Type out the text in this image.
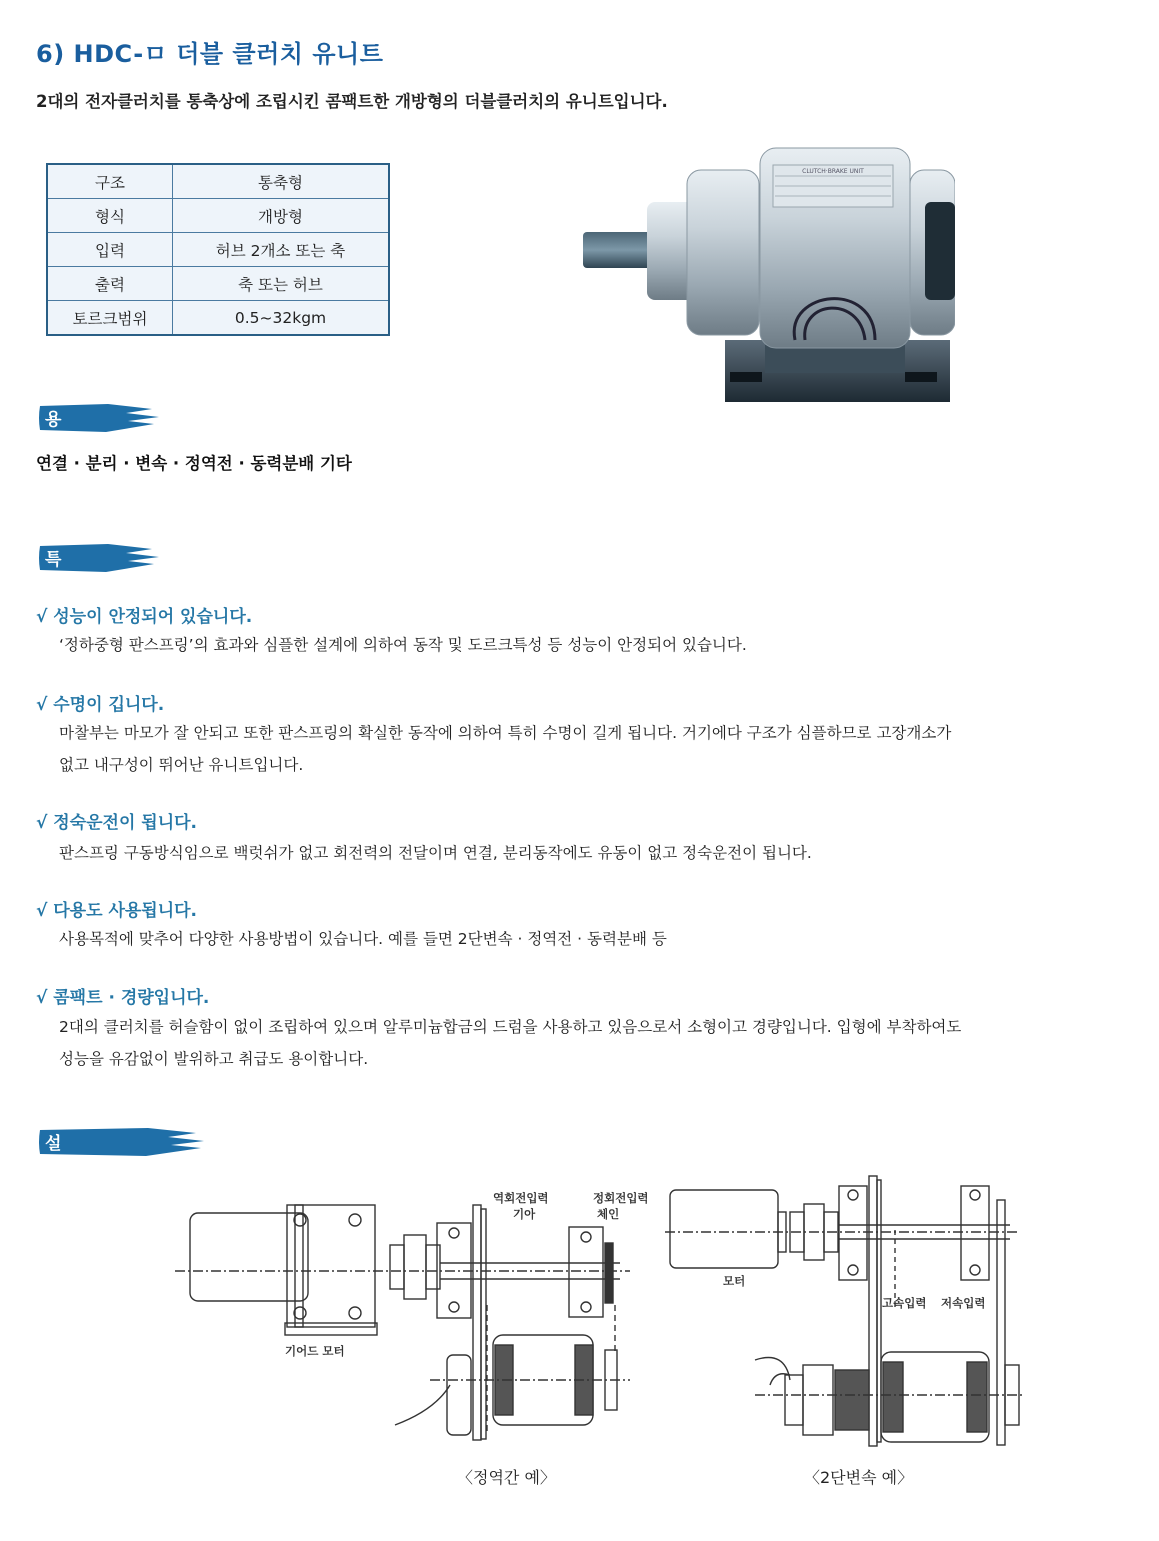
6) HDC-ㅁ 더블 클러치 유니트
2대의 전자클러치를 통축상에 조립시킨 콤팩트한 개방형의 더블클러치의 유니트입니다.
구조	통축형
형식	개방형
입력	허브 2개소 또는 축
출력	축 또는 허브
토르크범위	0.5~32kgm
CLUTCH·BRAKE UNIT
용 도
연결 · 분리 · 변속 · 정역전 · 동력분배 기타
특 징
√ 성능이 안정되어 있습니다.
‘정하중형 판스프링’의 효과와 심플한 설계에 의하여 동작 및 도르크특성 등 성능이 안정되어 있습니다.
√ 수명이 깁니다.
마찰부는 마모가 잘 안되고 또한 판스프링의 확실한 동작에 의하여 특히 수명이 길게 됩니다. 거기에다 구조가 심플하므로 고장개소가
없고 내구성이 뛰어난 유니트입니다.
√ 정숙운전이 됩니다.
판스프링 구동방식임으로 백럿쉬가 없고 회전력의 전달이며 연결, 분리동작에도 유동이 없고 정숙운전이 됩니다.
√ 다용도 사용됩니다.
사용목적에 맞추어 다양한 사용방법이 있습니다. 예를 들면 2단변속 · 정역전 · 동력분배 등
√ 콤팩트 · 경량입니다.
2대의 클러치를 허슬함이 없이 조립하여 있으며 알루미늄합금의 드럼을 사용하고 있음으로서 소형이고 경량입니다. 입형에 부착하여도
성능을 유감없이 발위하고 취급도 용이합니다.
설치예	역회전입력
기아
정회전입력
체인
기어드 모터
〈정역간 예〉
모터
고속입력 저속입력
〈2단변속 예〉
